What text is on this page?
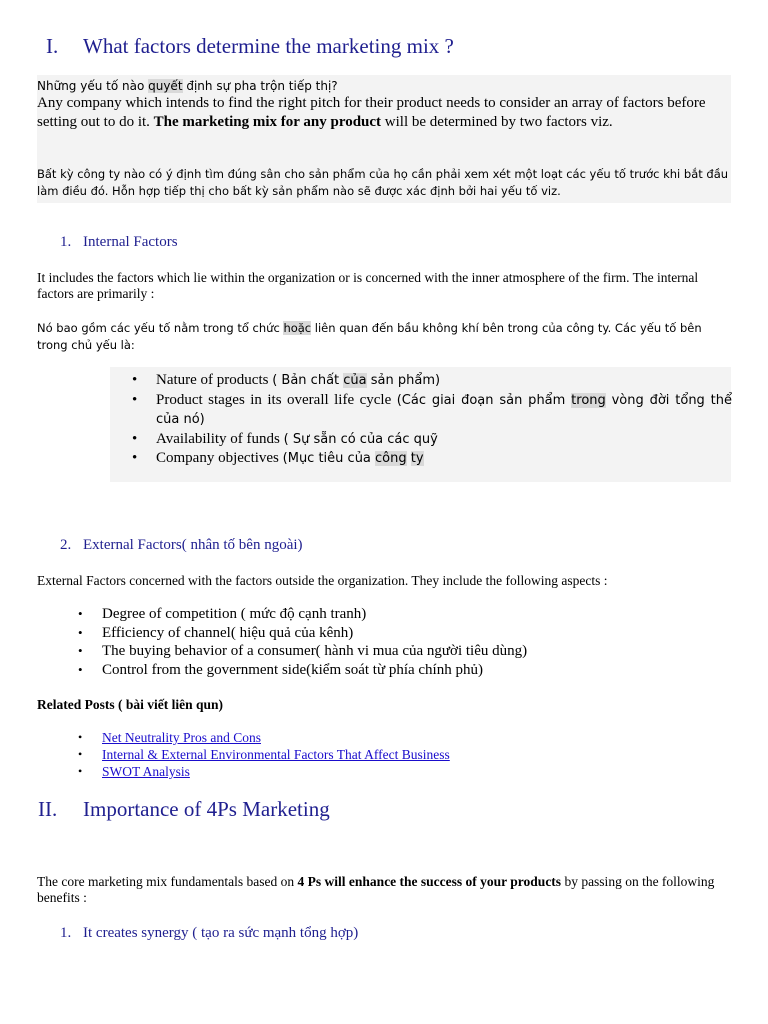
I. What factors determine the marketing mix ?
Những yếu tố nào quyết định sự pha trộn tiếp thị?
Any company which intends to find the right pitch for their product needs to consider an array of factors before setting out to do it. The marketing mix for any product will be determined by two factors viz.
Bất kỳ công ty nào có ý định tìm đúng sân cho sản phẩm của họ cần phải xem xét một loạt các yếu tố trước khi bắt đầu làm điều đó. Hỗn hợp tiếp thị cho bất kỳ sản phẩm nào sẽ được xác định bởi hai yếu tố viz.
1. Internal Factors
It includes the factors which lie within the organization or is concerned with the inner atmosphere of the firm. The internal factors are primarily :
Nó bao gồm các yếu tố nằm trong tổ chức hoặc liên quan đến bầu không khí bên trong của công ty. Các yếu tố bên trong chủ yếu là:
• Nature of products ( Bản chất của sản phẩm)
• Product stages in its overall life cycle (Các giai đoạn sản phẩm trong vòng đời tổng thể của nó)
• Availability of funds ( Sự sẵn có của các quỹ
• Company objectives (Mục tiêu của công ty
2. External Factors( nhân tố bên ngoài)
External Factors concerned with the factors outside the organization. They include the following aspects :
• Degree of competition ( mức độ cạnh tranh)
• Efficiency of channel( hiệu quả của kênh)
• The buying behavior of a consumer( hành vi mua của người tiêu dùng)
• Control from the government side(kiểm soát từ phía chính phủ)
Related Posts ( bài viết liên qun)
• Net Neutrality Pros and Cons
• Internal & External Environmental Factors That Affect Business
• SWOT Analysis
II. Importance of 4Ps Marketing
The core marketing mix fundamentals based on 4 Ps will enhance the success of your products by passing on the following benefits :
1. It creates synergy ( tạo ra sức mạnh tổng hợp)
